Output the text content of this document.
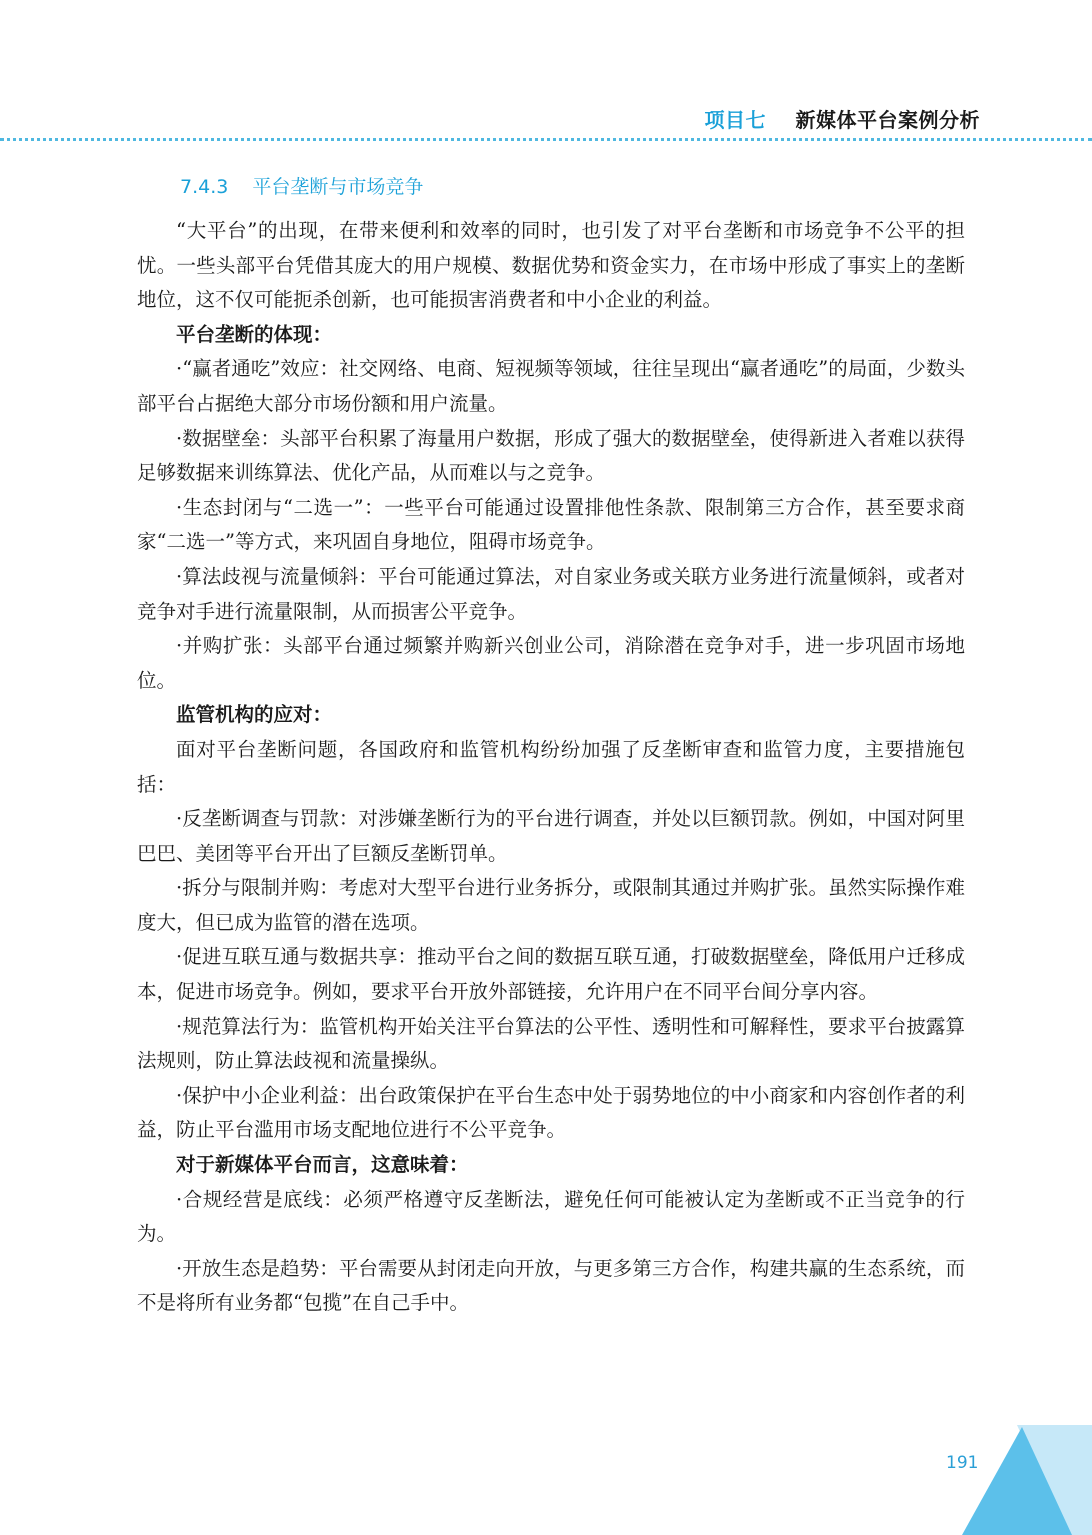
项目七 新媒体平台案例分析
7.4.3 平台垄断与市场竞争

“大平台”的出现，在带来便利和效率的同时，也引发了对平台垄断和市场竞争不公平的担忧。一些头部平台凭借其庞大的用户规模、数据优势和资金实力，在市场中形成了事实上的垄断地位，这不仅可能扼杀创新，也可能损害消费者和中小企业的利益。

平台垄断的体现：

·“赢者通吃”效应：社交网络、电商、短视频等领域，往往呈现出“赢者通吃”的局面，少数头部平台占据绝大部分市场份额和用户流量。

·数据壁垒：头部平台积累了海量用户数据，形成了强大的数据壁垒，使得新进入者难以获得足够数据来训练算法、优化产品，从而难以与之竞争。

·生态封闭与“二选一”：一些平台可能通过设置排他性条款、限制第三方合作，甚至要求商家“二选一”等方式，来巩固自身地位，阻碍市场竞争。

·算法歧视与流量倾斜：平台可能通过算法，对自家业务或关联方业务进行流量倾斜，或者对竞争对手进行流量限制，从而损害公平竞争。

·并购扩张：头部平台通过频繁并购新兴创业公司，消除潜在竞争对手，进一步巩固市场地位。

监管机构的应对：

面对平台垄断问题，各国政府和监管机构纷纷加强了反垄断审查和监管力度，主要措施包括：

·反垄断调查与罚款：对涉嫌垄断行为的平台进行调查，并处以巨额罚款。例如，中国对阿里巴巴、美团等平台开出了巨额反垄断罚单。

·拆分与限制并购：考虑对大型平台进行业务拆分，或限制其通过并购扩张。虽然实际操作难度大，但已成为监管的潜在选项。

·促进互联互通与数据共享：推动平台之间的数据互联互通，打破数据壁垒，降低用户迁移成本，促进市场竞争。例如，要求平台开放外部链接，允许用户在不同平台间分享内容。

·规范算法行为：监管机构开始关注平台算法的公平性、透明性和可解释性，要求平台披露算法规则，防止算法歧视和流量操纵。

·保护中小企业利益：出台政策保护在平台生态中处于弱势地位的中小商家和内容创作者的利益，防止平台滥用市场支配地位进行不公平竞争。

对于新媒体平台而言，这意味着：

·合规经营是底线：必须严格遵守反垄断法，避免任何可能被认定为垄断或不正当竞争的行为。

·开放生态是趋势：平台需要从封闭走向开放，与更多第三方合作，构建共赢的生态系统，而不是将所有业务都“包揽”在自己手中。

191
